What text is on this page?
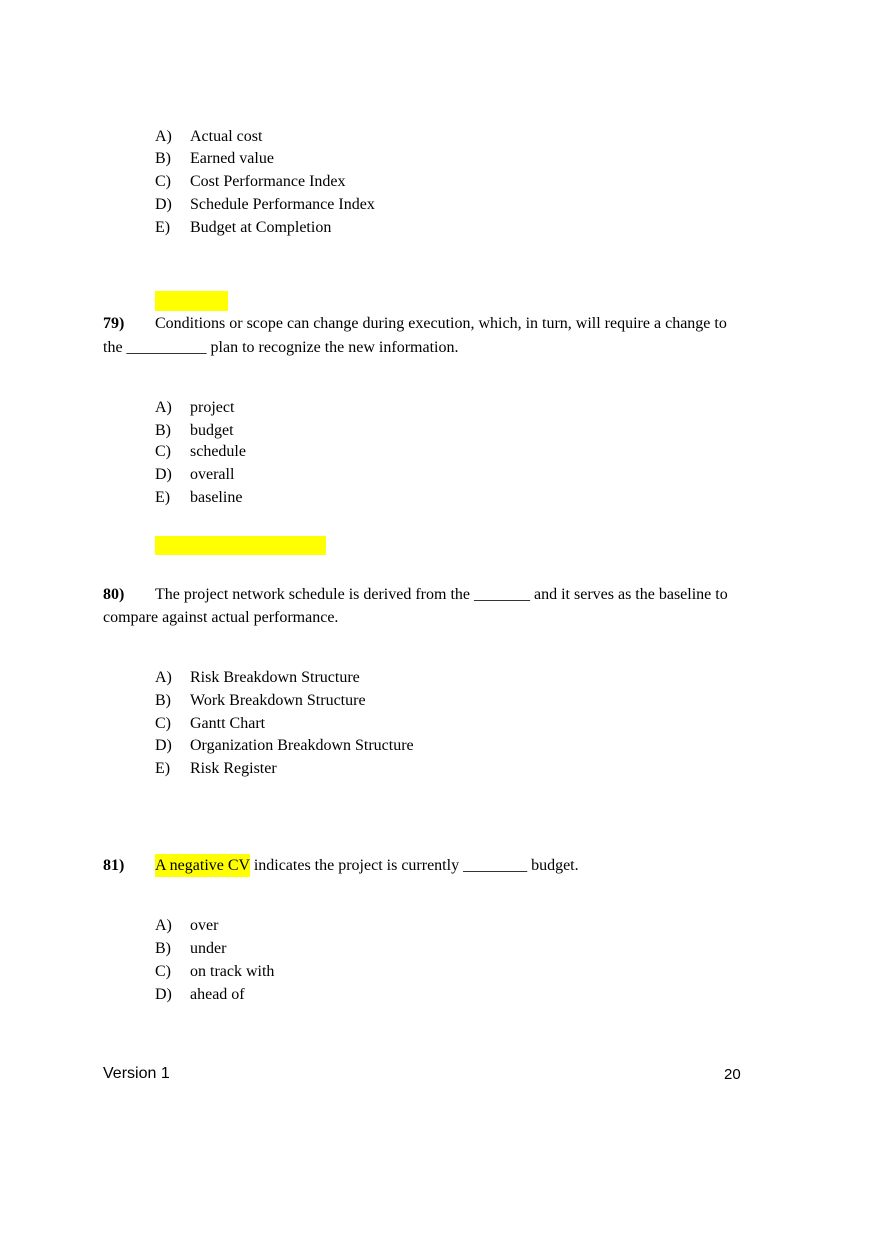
A) Actual cost
B) Earned value
C) Cost Performance Index
D) Schedule Performance Index
E) Budget at Completion
79) Conditions or scope can change during execution, which, in turn, will require a change to
the __________ plan to recognize the new information.
A) project
B) budget
C) schedule
D) overall
E) baseline
80) The project network schedule is derived from the _______ and it serves as the baseline to
compare against actual performance.
A) Risk Breakdown Structure
B) Work Breakdown Structure
C) Gantt Chart
D) Organization Breakdown Structure
E) Risk Register
81) A negative CV indicates the project is currently ________ budget.
A) over
B) under
C) on track with
D) ahead of
Version 1	20
